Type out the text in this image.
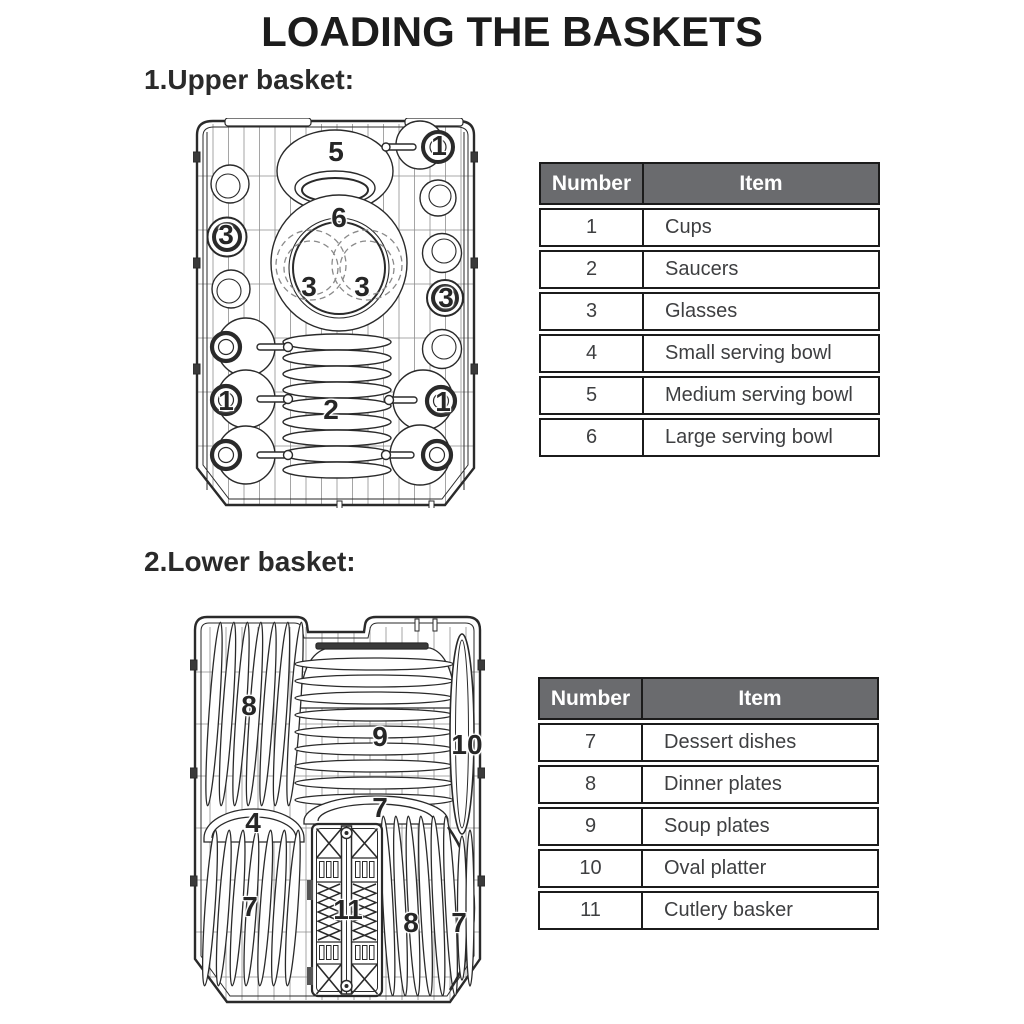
LOADING THE BASKETS
1.Upper basket:
5	1
6
3
3 3 3
1	2	1
Number	Item
1	Cups
2	Saucers
3	Glasses
4	Small serving bowl
5	Medium serving bowl
6	Large serving bowl
2.Lower basket:
8
9 10
4	7
7	11 8 7
Number	Item
7	Dessert dishes
8	Dinner plates
9	Soup plates
10	Oval platter
11	Cutlery basker
